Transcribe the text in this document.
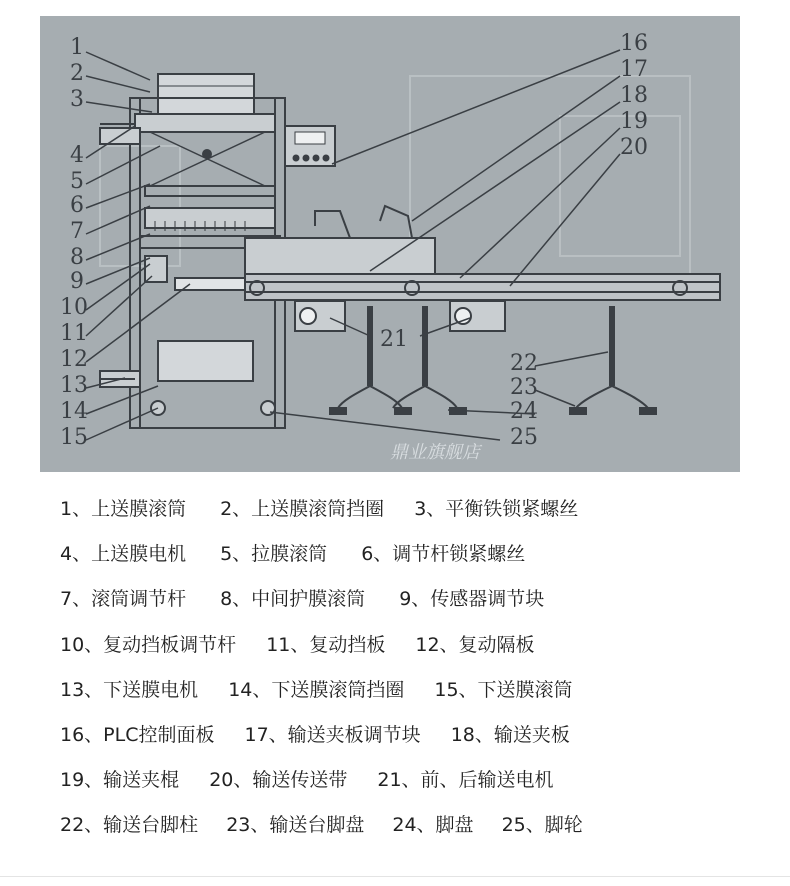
1
2
3
4
5
6
7
8
9
10
11
12
13
14
15
16
17
18
19
20
21
22
23
24
25
鼎业旗舰店
1、上送膜滚筒 2、上送膜滚筒挡圈 3、平衡铁锁紧螺丝
4、上送膜电机 5、拉膜滚筒 6、调节杆锁紧螺丝
7、滚筒调节杆 8、中间护膜滚筒 9、传感器调节块
10、复动挡板调节杆 11、复动挡板 12、复动隔板
13、下送膜电机 14、下送膜滚筒挡圈 15、下送膜滚筒
16、PLC控制面板 17、输送夹板调节块 18、输送夹板
19、输送夹棍 20、输送传送带 21、前、后输送电机
22、输送台脚柱 23、输送台脚盘 24、脚盘 25、脚轮
